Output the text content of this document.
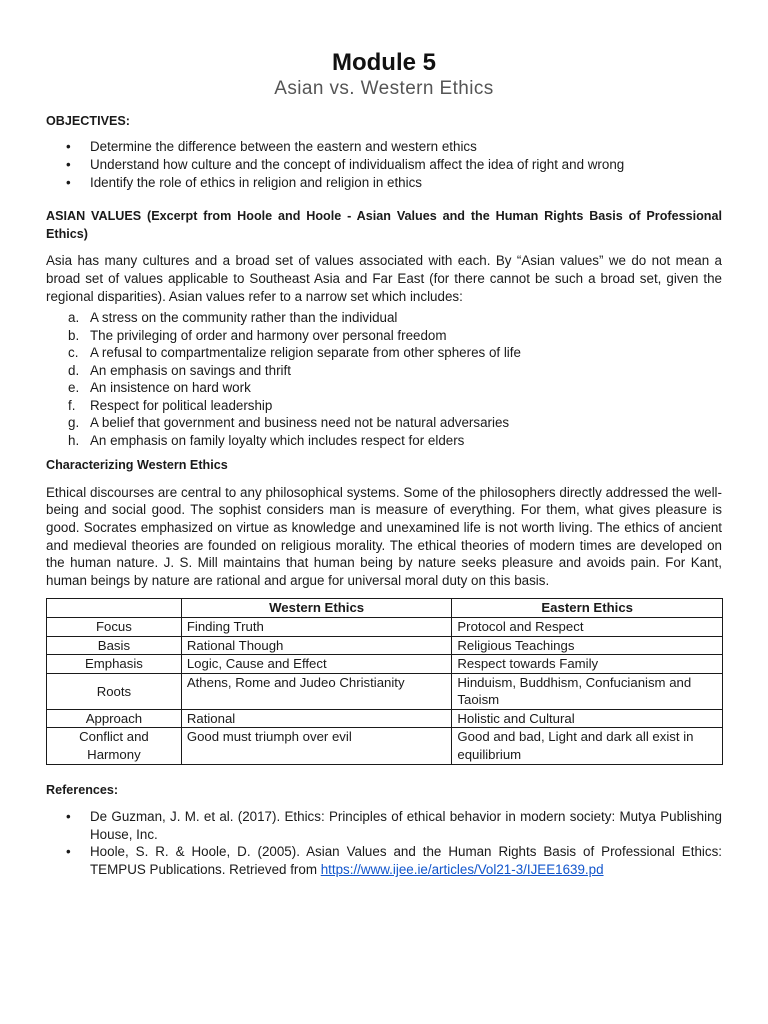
Module 5
Asian vs. Western Ethics
OBJECTIVES:
• Determine the difference between the eastern and western ethics
• Understand how culture and the concept of individualism affect the idea of right and wrong
• Identify the role of ethics in religion and religion in ethics
ASIAN VALUES (Excerpt from Hoole and Hoole - Asian Values and the Human Rights Basis of Professional Ethics)

Asia has many cultures and a broad set of values associated with each. By “Asian values” we do not mean a broad set of values applicable to Southeast Asia and Far East (for there cannot be such a broad set, given the regional disparities). Asian values refer to a narrow set which includes:

a. A stress on the community rather than the individual
b. The privileging of order and harmony over personal freedom
c. A refusal to compartmentalize religion separate from other spheres of life
d. An emphasis on savings and thrift
e. An insistence on hard work
f. Respect for political leadership
g. A belief that government and business need not be natural adversaries
h. An emphasis on family loyalty which includes respect for elders
Characterizing Western Ethics

Ethical discourses are central to any philosophical systems. Some of the philosophers directly addressed the well-being and social good. The sophist considers man is measure of everything. For them, what gives pleasure is good. Socrates emphasized on virtue as knowledge and unexamined life is not worth living. The ethics of ancient and medieval theories are founded on religious morality. The ethical theories of modern times are developed on the human nature. J. S. Mill maintains that human being by nature seeks pleasure and avoids pain. For Kant, human beings by nature are rational and argue for universal moral duty on this basis.

	Western Ethics	Eastern Ethics
Focus	Finding Truth	Protocol and Respect
Basis	Rational Though	Religious Teachings
Emphasis	Logic, Cause and Effect	Respect towards Family
Roots	Athens, Rome and Judeo Christianity	Hinduism, Buddhism, Confucianism and Taoism
Approach	Rational	Holistic and Cultural
Conflict and Harmony	Good must triumph over evil	Good and bad, Light and dark all exist in equilibrium
References:
• De Guzman, J. M. et al. (2017). Ethics: Principles of ethical behavior in modern society: Mutya Publishing House, Inc.
• Hoole, S. R. & Hoole, D. (2005). Asian Values and the Human Rights Basis of Professional Ethics: TEMPUS Publications. Retrieved from https://www.ijee.ie/articles/Vol21-3/IJEE1639.pd
